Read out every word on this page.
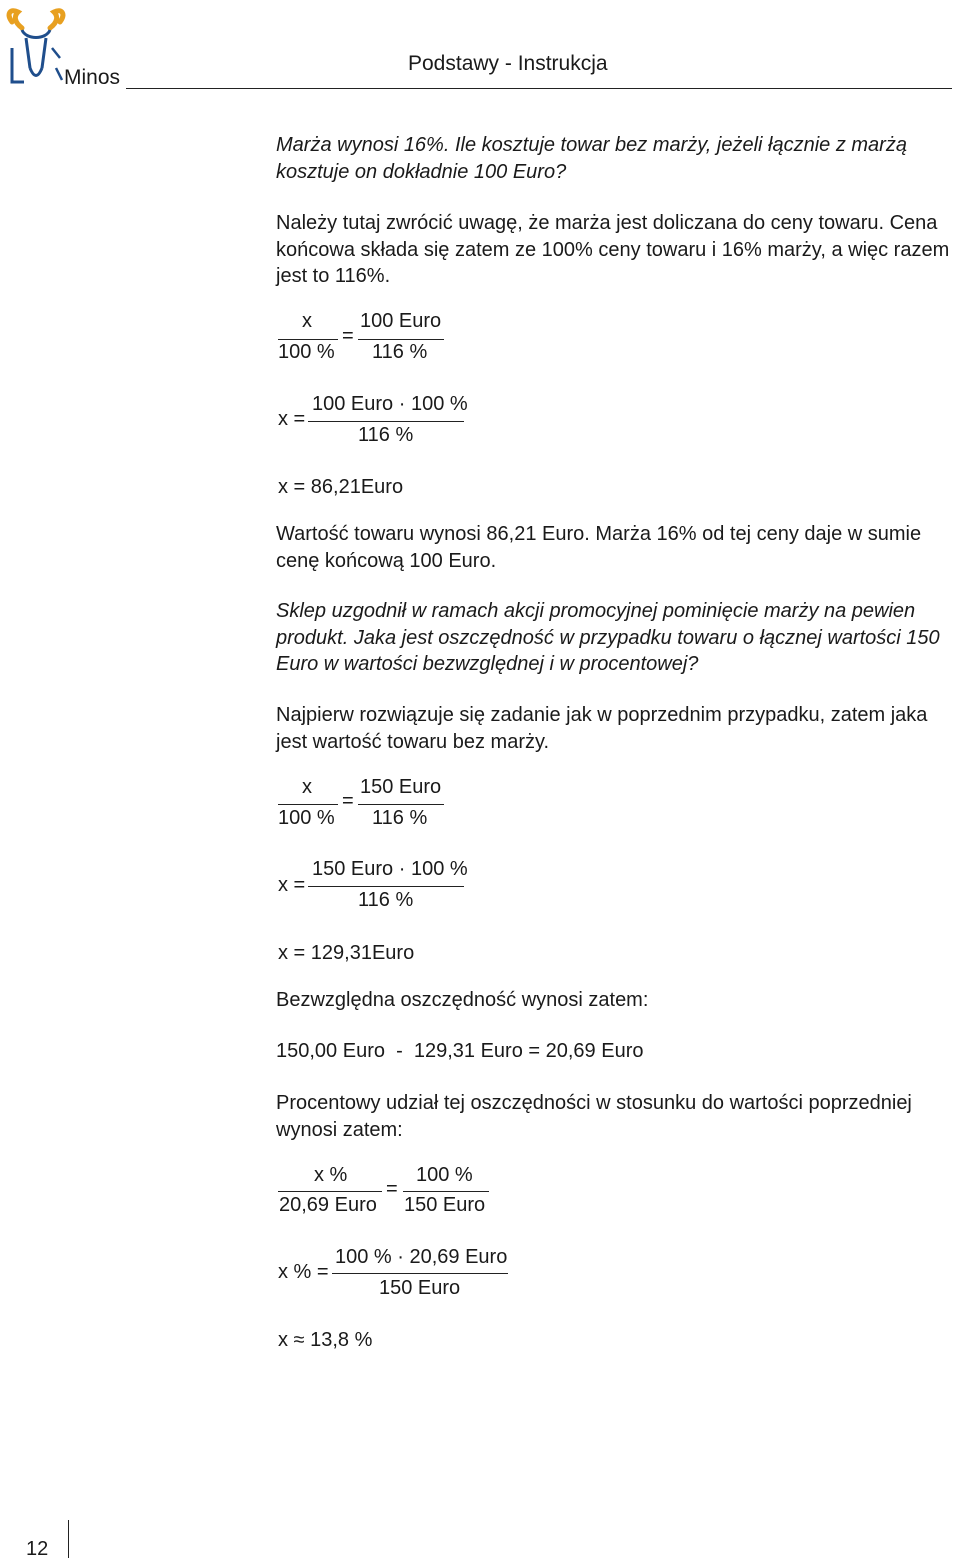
Minos
Podstawy - Instrukcja
Marża wynosi 16%. Ile kosztuje towar bez marży, jeżeli łącznie z marżą kosztuje on dokładnie 100 Euro?
Należy tutaj zwrócić uwagę, że marża jest doliczana do ceny towaru. Cena końcowa składa się zatem ze 100% ceny towaru i 16% marży, a więc razem jest to 116%.
x
100 %
=
100 Euro
116 %
x =
100 Euro · 100 %
116 %
x = 86,21Euro
Wartość towaru wynosi 86,21 Euro. Marża 16% od tej ceny daje w sumie cenę końcową 100 Euro.
Sklep uzgodnił w ramach akcji promocyjnej pominięcie marży na pewien produkt. Jaka jest oszczędność w przypadku towaru o łącznej wartości 150 Euro w wartości bezwzględnej i w procentowej?
Najpierw rozwiązuje się zadanie jak w poprzednim przypadku, zatem jaka jest wartość towaru bez marży.
x
100 %
=
150 Euro
116 %
x =
150 Euro · 100 %
116 %
x = 129,31Euro
Bezwzględna oszczędność wynosi zatem:
150,00 Euro  -  129,31 Euro = 20,69 Euro
Procentowy udział tej oszczędności w stosunku do wartości poprzedniej wynosi zatem:
x %
20,69 Euro
=
100 %
150 Euro
x % =
100 % · 20,69 Euro
150 Euro
x ≈ 13,8 %
12
